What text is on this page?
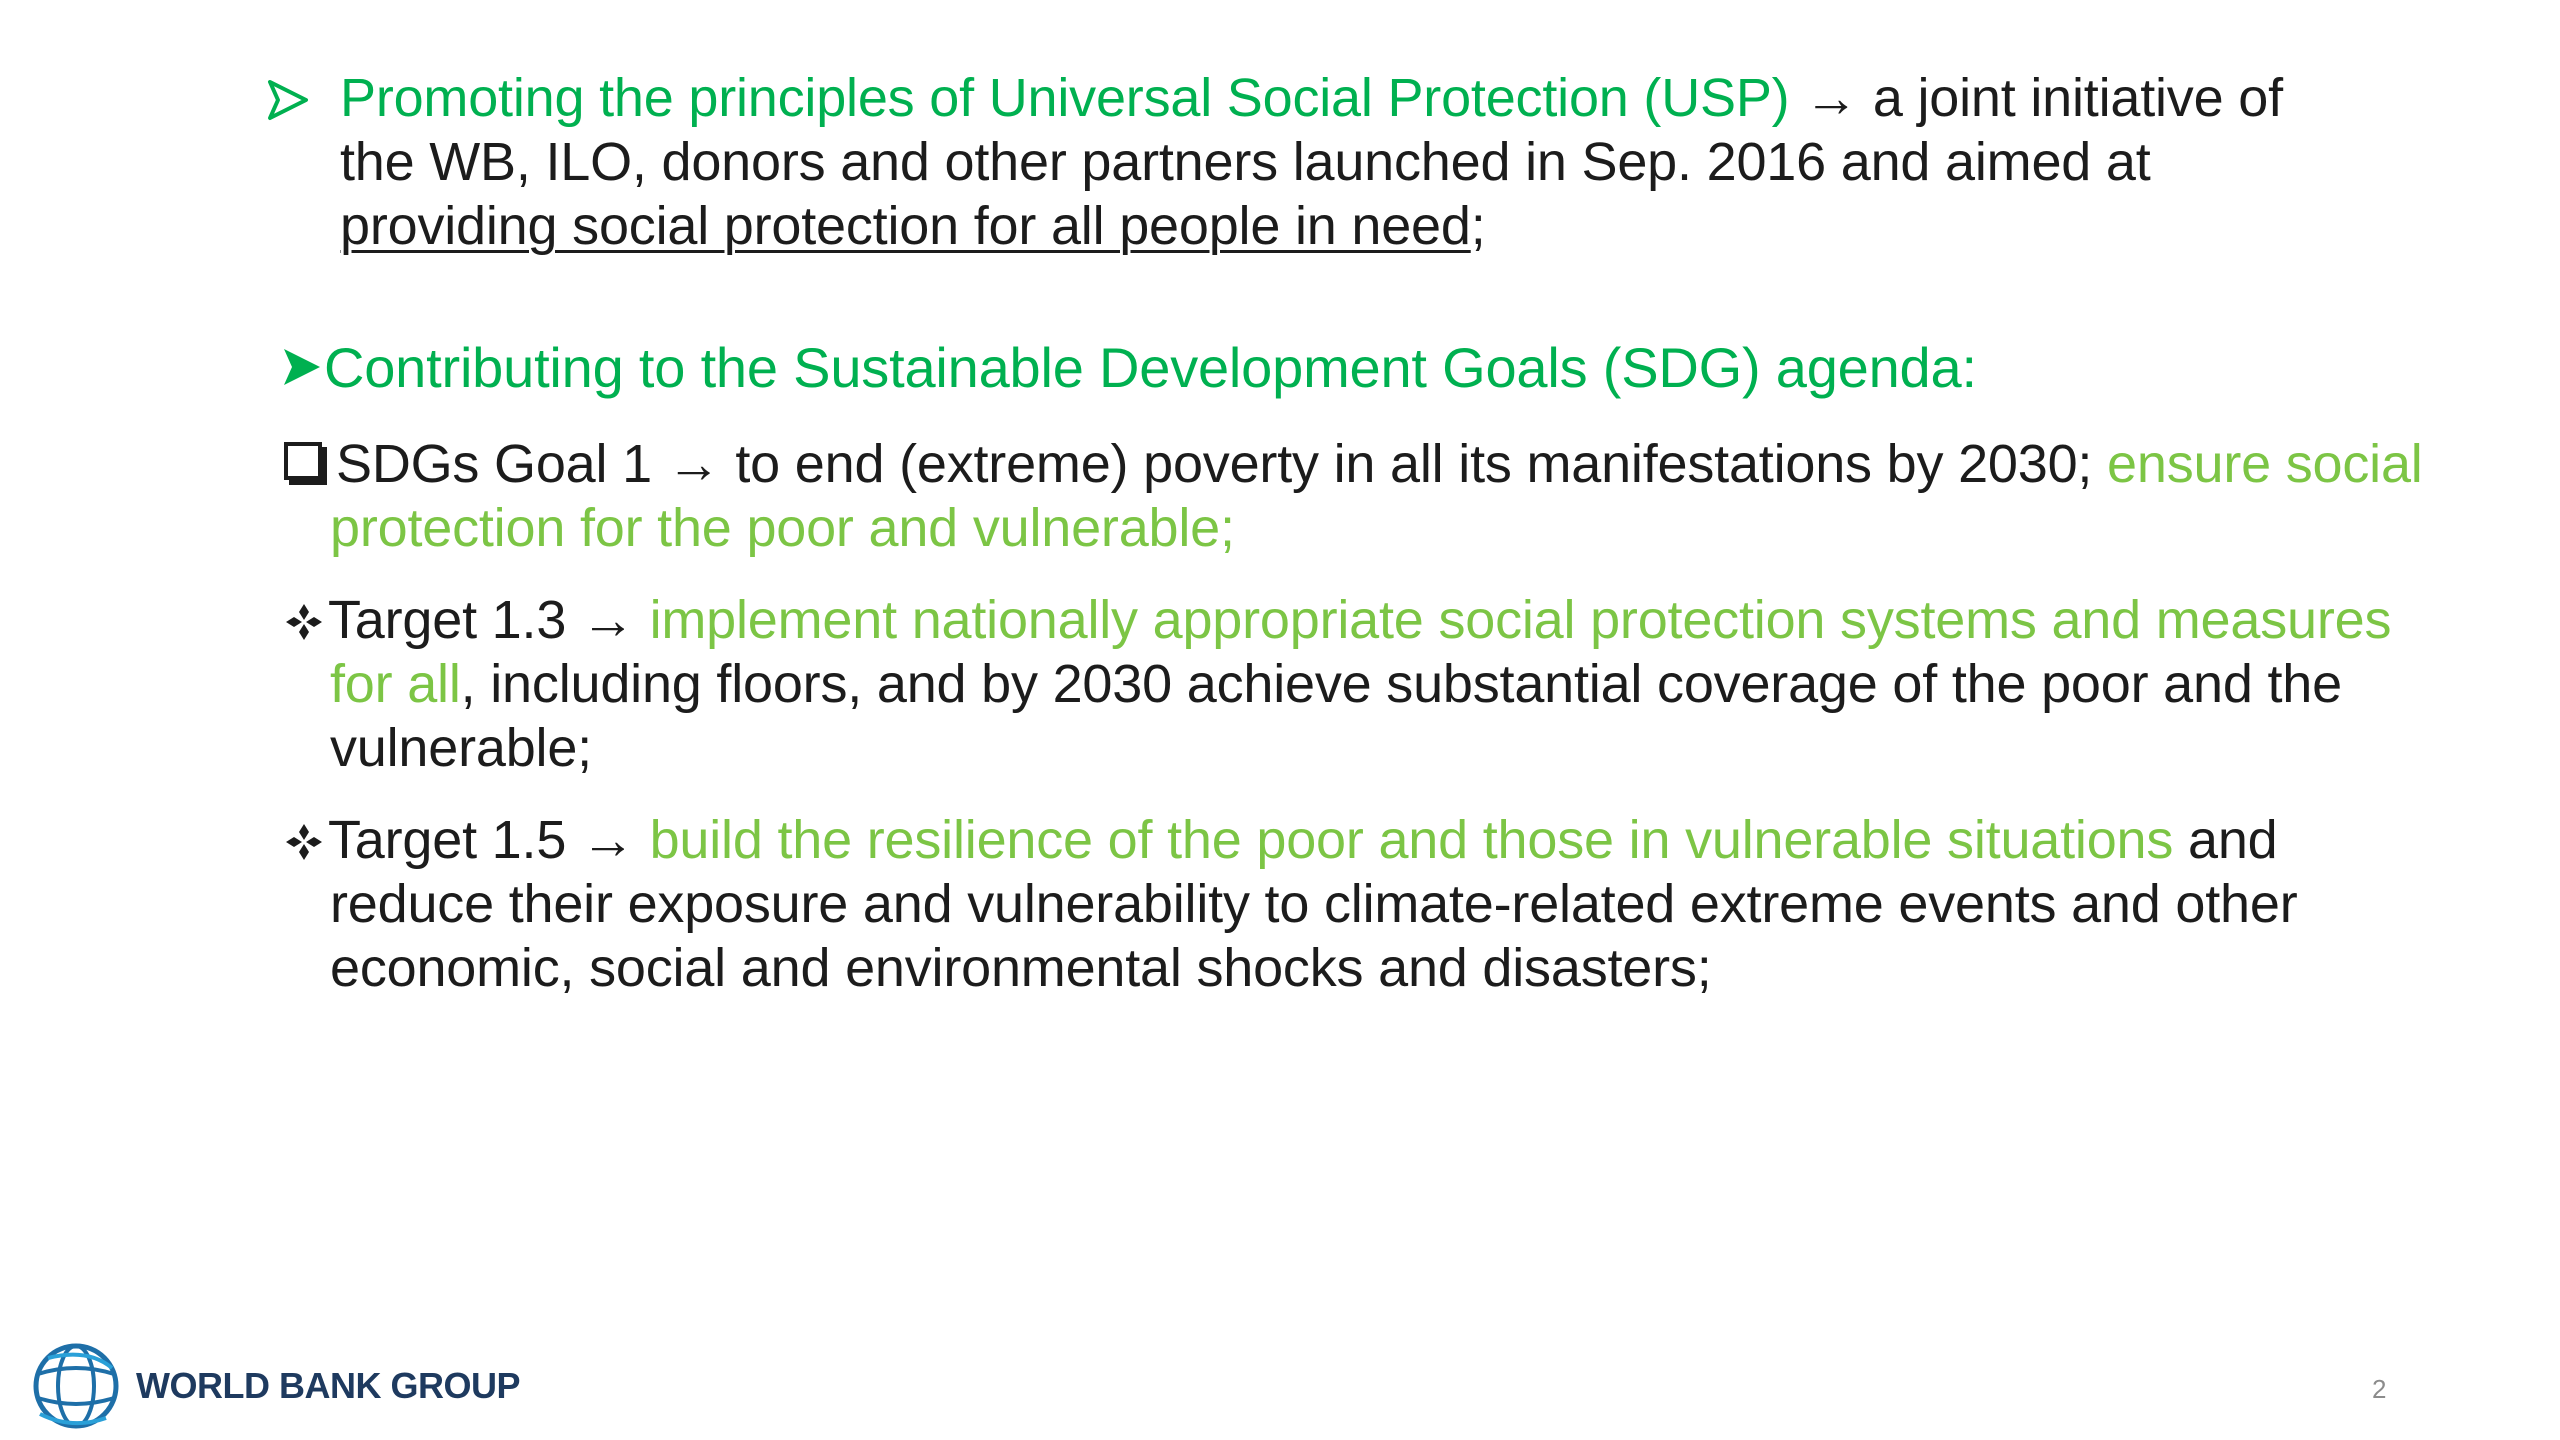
Promoting the principles of Universal Social Protection (USP) → a joint initiative of the WB, ILO, donors and other partners launched in Sep. 2016 and aimed at providing social protection for all people in need;
Contributing to the Sustainable Development Goals (SDG) agenda:
SDGs Goal 1 → to end (extreme) poverty in all its manifestations by 2030; ensure social protection for the poor and vulnerable;
Target 1.3 → implement nationally appropriate social protection systems and measures for all, including floors, and by 2030 achieve substantial coverage of the poor and the vulnerable;
Target 1.5 → build the resilience of the poor and those in vulnerable situations and reduce their exposure and vulnerability to climate-related extreme events and other economic, social and environmental shocks and disasters;
WORLD BANK GROUP	2
